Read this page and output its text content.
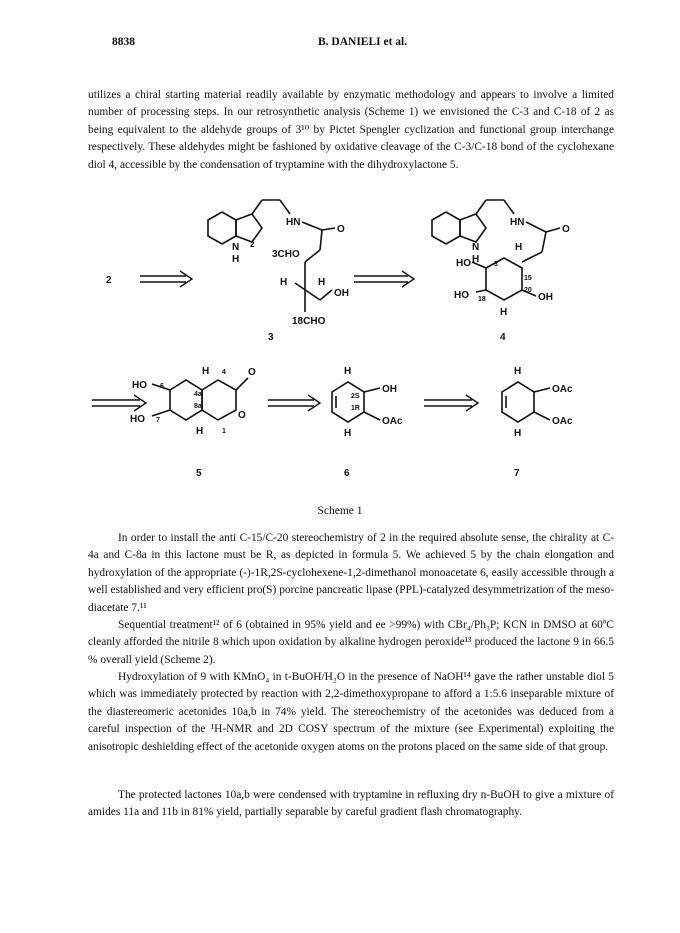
8838	B. DANIELI et al.
utilizes a chiral starting material readily available by enzymatic methodology and appears to involve a limited number of processing steps. In our retrosynthetic analysis (Scheme 1) we envisioned the C-3 and C-18 of 2 as being equivalent to the aldehyde groups of 3¹⁰ by Pictet Spengler cyclization and functional group interchange respectively. These aldehydes might be fashioned by oxidative cleavage of the C-3/C-18 bond of the cyclohexane diol 4, accessible by the condensation of tryptamine with the dihydroxylactone 5.
2
N
H
2
HN
3CHO
O
H	H
OH
18CHO
3
N
H
HN
O
H
HO	3
15
20
OH
HO 18
H
4
HO 6
H 4 O
4a
8a
O
HO 7
H	1
5
H
2S
1R
OH
OAc
H
6
H
OAc
OAc
H
7
Scheme 1
In order to install the anti C-15/C-20 stereochemistry of 2 in the required absolute sense, the chirality at C-4a and C-8a in this lactone must be R, as depicted in formula 5. We achieved 5 by the chain elongation and hydroxylation of the appropriate (-)-1R,2S-cyclohexene-1,2-dimethanol monoacetate 6, easily accessible through a well established and very efficient pro(S) porcine pancreatic lipase (PPL)-catalyzed desymmetrization of the meso-diacetate 7.¹¹
Sequential treatment¹² of 6 (obtained in 95% yield and ee >99%) with CBr₄/Ph₃P; KCN in DMSO at 60ºC cleanly afforded the nitrile 8 which upon oxidation by alkaline hydrogen peroxide¹³ produced the lactone 9 in 66.5 % overall yield (Scheme 2).
Hydroxylation of 9 with KMnO₄ in t-BuOH/H₂O in the presence of NaOH¹⁴ gave the rather unstable diol 5 which was immediately protected by reaction with 2,2-dimethoxypropane to afford a 1:5.6 inseparable mixture of the diastereomeric acetonides 10a,b in 74% yield. The stereochemistry of the acetonides was deduced from a careful inspection of the ¹H-NMR and 2D COSY spectrum of the mixture (see Experimental) exploiting the anisotropic deshielding effect of the acetonide oxygen atoms on the protons placed on the same side of that group.
The protected lactones 10a,b were condensed with tryptamine in refluxing dry n-BuOH to give a mixture of amides 11a and 11b in 81% yield, partially separable by careful gradient flash chromatography.
